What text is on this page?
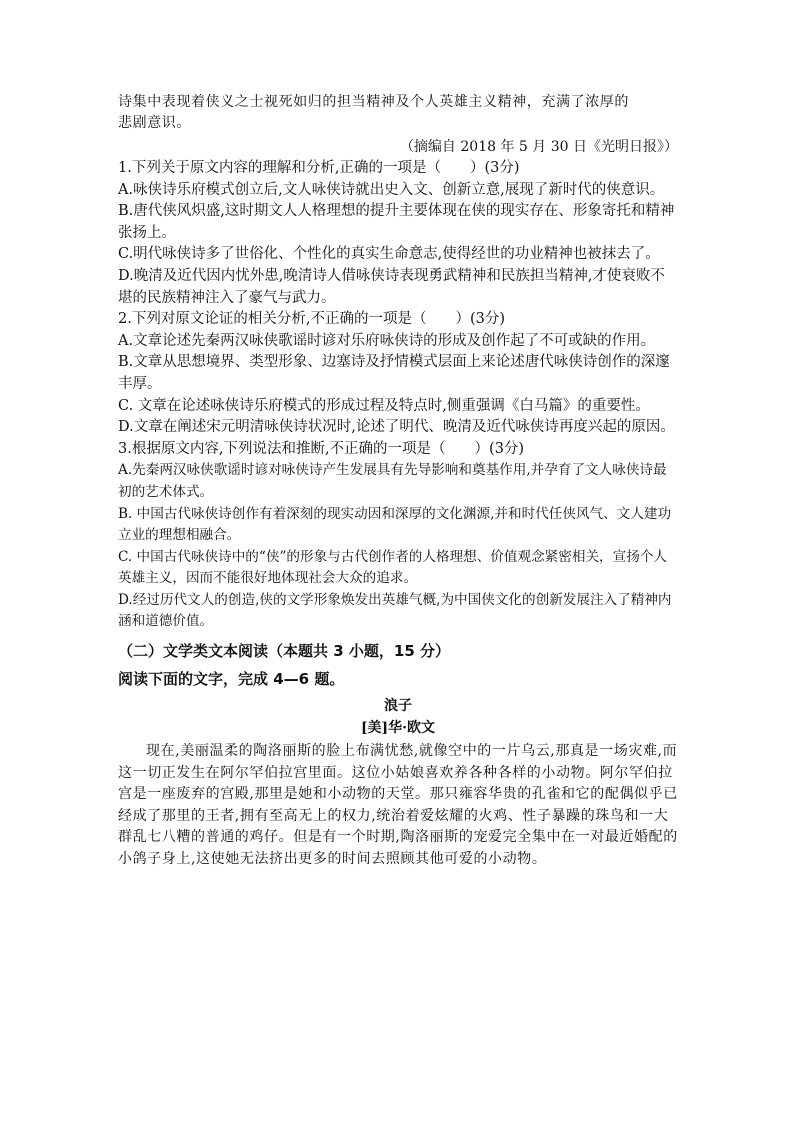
诗集中表现着侠义之士视死如归的担当精神及个人英雄主义精神，充满了浓厚的

悲剧意识。

（摘编自 2018 年 5 月 30 日《光明日报》）

1.下列关于原文内容的理解和分析,正确的一项是（　　）(3分)

A.咏侠诗乐府模式创立后,文人咏侠诗就出史入文、创新立意,展现了新时代的侠意识。

B.唐代侠风炽盛,这时期文人人格理想的提升主要体现在侠的现实存在、形象寄托和精神张扬上。

C.明代咏侠诗多了世俗化、个性化的真实生命意志,使得经世的功业精神也被抹去了。

D.晚清及近代因内忧外患,晚清诗人借咏侠诗表现勇武精神和民族担当精神,才使衰败不堪的民族精神注入了豪气与武力。

2.下列对原文论证的相关分析,不正确的一项是（　　）(3分)

A.文章论述先秦两汉咏侠歌谣时谚对乐府咏侠诗的形成及创作起了不可或缺的作用。

B.文章从思想境界、类型形象、边塞诗及抒情模式层面上来论述唐代咏侠诗创作的深邃丰厚。

C. 文章在论述咏侠诗乐府模式的形成过程及特点时,侧重强调《白马篇》的重要性。

D.文章在阐述宋元明清咏侠诗状况时,论述了明代、晚清及近代咏侠诗再度兴起的原因。

3.根据原文内容,下列说法和推断,不正确的一项是（　　）(3分)

A.先秦两汉咏侠歌谣时谚对咏侠诗产生发展具有先导影响和奠基作用,并孕育了文人咏侠诗最初的艺术体式。

B. 中国古代咏侠诗创作有着深刻的现实动因和深厚的文化渊源,并和时代任侠风气、文人建功立业的理想相融合。

C. 中国古代咏侠诗中的“侠”的形象与古代创作者的人格理想、价值观念紧密相关，宣扬个人英雄主义，因而不能很好地体现社会大众的追求。

D.经过历代文人的创造,侠的文学形象焕发出英雄气概,为中国侠文化的创新发展注入了精神内涵和道德价值。

（二）文学类文本阅读（本题共 3 小题，15 分）

阅读下面的文字，完成 4—6 题。

浪子

[美]华·欧文

现在,美丽温柔的陶洛丽斯的脸上布满忧愁,就像空中的一片乌云,那真是一场灾难,而这一切正发生在阿尔罕伯拉宫里面。这位小姑娘喜欢养各种各样的小动物。阿尔罕伯拉宫是一座废弃的宫殿,那里是她和小动物的天堂。那只雍容华贵的孔雀和它的配偶似乎已经成了那里的王者,拥有至高无上的权力,统治着爱炫耀的火鸡、性子暴躁的珠鸟和一大群乱七八糟的普通的鸡仔。但是有一个时期,陶洛丽斯的宠爱完全集中在一对最近婚配的小鸽子身上,这使她无法挤出更多的时间去照顾其他可爱的小动物。
